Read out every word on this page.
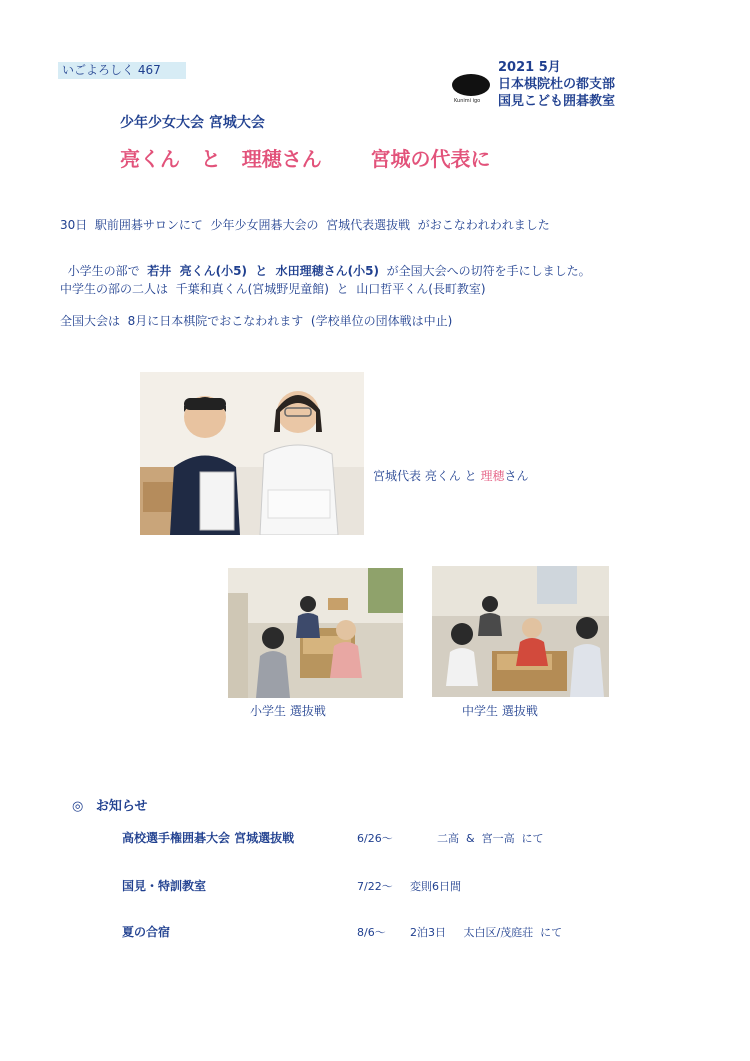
いごよろしく 467
Kunimi igo
2021 5月
日本棋院杜の都支部
国見こども囲碁教室
少年少女大会 宮城大会
亮くん   と   理穂さん       宮城の代表に
30日  駅前囲碁サロンにて  少年少女囲碁大会の  宮城代表選抜戦  がおこなわれわれました

小学生の部で  若井  亮くん(小5)  と  水田理穂さん(小5)  が全国大会への切符を手にしました。

中学生の部の二人は  千葉和真くん(宮城野児童館)  と  山口哲平くん(長町教室)
全国大会は  8月に日本棋院でおこなわれます  (学校単位の団体戦は中止)
宮城代表 亮くん と 理穂さん
小学生 選抜戦	中学生 選抜戦
◎ お知らせ
高校選手権囲碁大会 宮城選抜戦	6/26〜	二高  &  宮一高  にて
国見・特訓教室	7/22〜 変則6日間
夏の合宿	8/6〜 2泊3日     太白区/茂庭荘  にて
